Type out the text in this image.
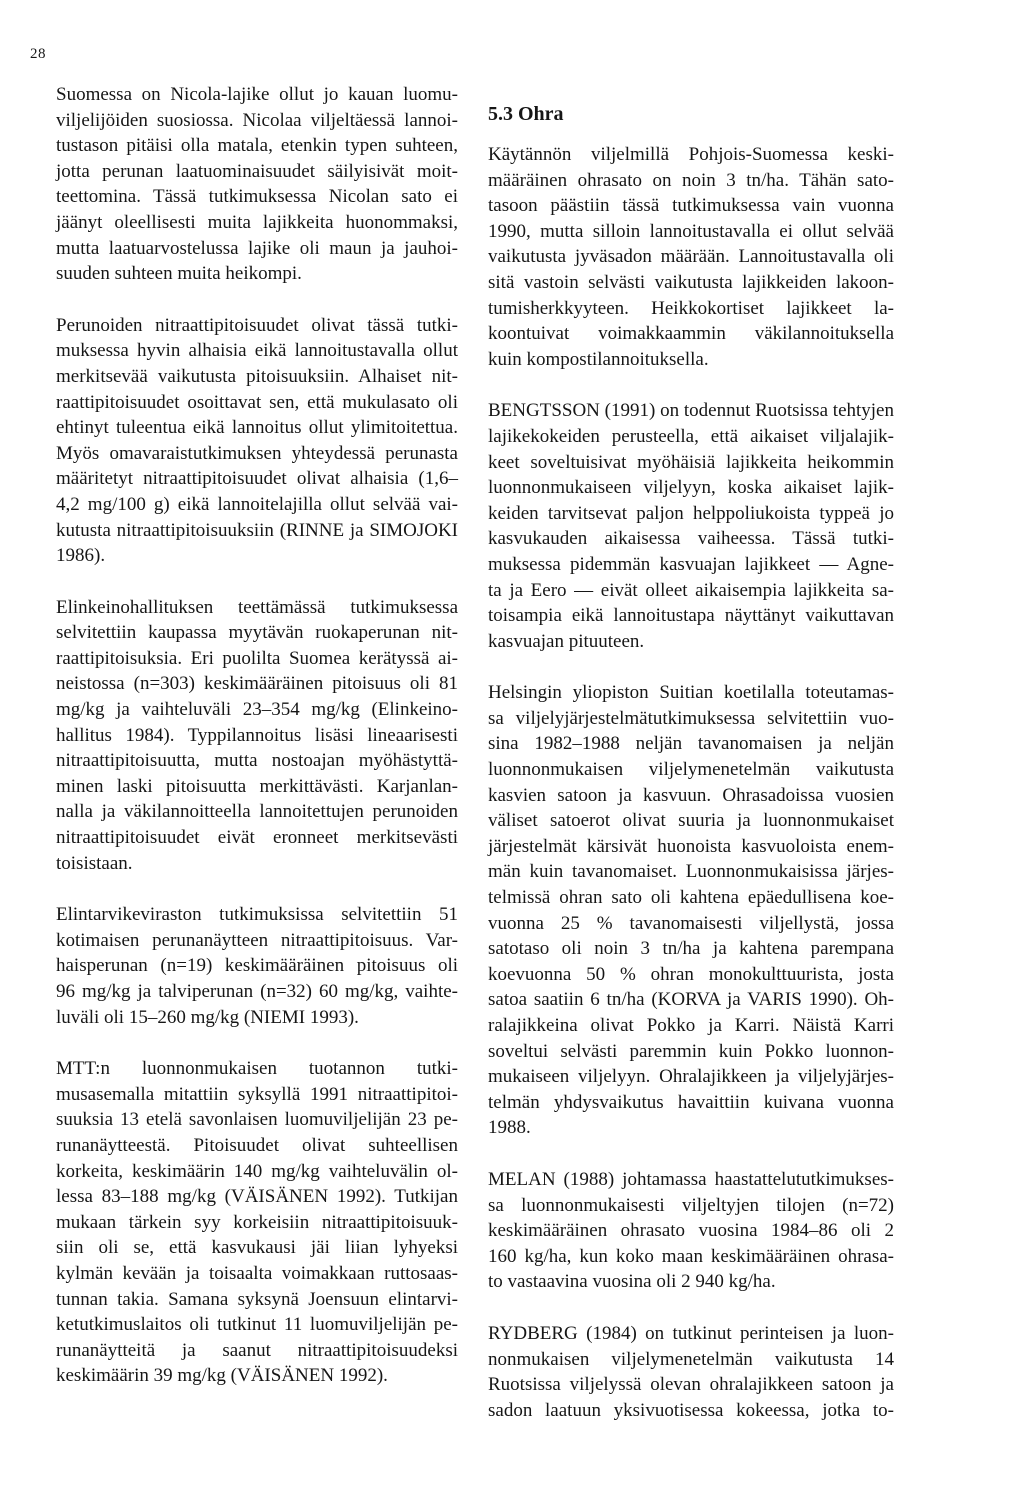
28
Suomessa on Nicola-lajike ollut jo kauan luomu-
viljelijöiden suosiossa. Nicolaa viljeltäessä lannoi-
tustason pitäisi olla matala, etenkin typen suhteen,
jotta perunan laatuominaisuudet säilyisivät moit-
teettomina. Tässä tutkimuksessa Nicolan sato ei
jäänyt oleellisesti muita lajikkeita huonommaksi,
mutta laatuarvostelussa lajike oli maun ja jauhoi-
suuden suhteen muita heikompi.
Perunoiden nitraattipitoisuudet olivat tässä tutki-
muksessa hyvin alhaisia eikä lannoitustavalla ollut
merkitsevää vaikutusta pitoisuuksiin. Alhaiset nit-
raattipitoisuudet osoittavat sen, että mukulasato oli
ehtinyt tuleentua eikä lannoitus ollut ylimitoitettua.
Myös omavaraistutkimuksen yhteydessä perunasta
määritetyt nitraattipitoisuudet olivat alhaisia (1,6–
4,2 mg/100 g) eikä lannoitelajilla ollut selvää vai-
kutusta nitraattipitoisuuksiin (RINNE ja SIMOJOKI
1986).
Elinkeinohallituksen teettämässä tutkimuksessa
selvitettiin kaupassa myytävän ruokaperunan nit-
raattipitoisuksia. Eri puolilta Suomea kerätyssä ai-
neistossa (n=303) keskimääräinen pitoisuus oli 81
mg/kg ja vaihteluväli 23–354 mg/kg (Elinkeino-
hallitus 1984). Typpilannoitus lisäsi lineaarisesti
nitraattipitoisuutta, mutta nostoajan myöhästyttä-
minen laski pitoisuutta merkittävästi. Karjanlan-
nalla ja väkilannoitteella lannoitettujen perunoiden
nitraattipitoisuudet eivät eronneet merkitsevästi
toisistaan.
Elintarvikeviraston tutkimuksissa selvitettiin 51
kotimaisen perunanäytteen nitraattipitoisuus. Var-
haisperunan (n=19) keskimääräinen pitoisuus oli
96 mg/kg ja talviperunan (n=32) 60 mg/kg, vaihte-
luväli oli 15–260 mg/kg (NIEMI 1993).
MTT:n luonnonmukaisen tuotannon tutki-
musasemalla mitattiin syksyllä 1991 nitraattipitoi-
suuksia 13 etelä savonlaisen luomuviljelijän 23 pe-
runanäytteestä. Pitoisuudet olivat suhteellisen
korkeita, keskimäärin 140 mg/kg vaihteluvälin ol-
lessa 83–188 mg/kg (VÄISÄNEN 1992). Tutkijan
mukaan tärkein syy korkeisiin nitraattipitoisuuk-
siin oli se, että kasvukausi jäi liian lyhyeksi
kylmän kevään ja toisaalta voimakkaan ruttosaas-
tunnan takia. Samana syksynä Joensuun elintarvi-
ketutkimuslaitos oli tutkinut 11 luomuviljelijän pe-
runanäytteitä ja saanut nitraattipitoisuudeksi
keskimäärin 39 mg/kg (VÄISÄNEN 1992).
5.3 Ohra
Käytännön viljelmillä Pohjois-Suomessa keski-
määräinen ohrasato on noin 3 tn/ha. Tähän sato-
tasoon päästiin tässä tutkimuksessa vain vuonna
1990, mutta silloin lannoitustavalla ei ollut selvää
vaikutusta jyväsadon määrään. Lannoitustavalla oli
sitä vastoin selvästi vaikutusta lajikkeiden lakoon-
tumisherkkyyteen. Heikkokortiset lajikkeet la-
koontuivat voimakkaammin väkilannoituksella
kuin kompostilannoituksella.
BENGTSSON (1991) on todennut Ruotsissa tehtyjen
lajikekokeiden perusteella, että aikaiset viljalajik-
keet soveltuisivat myöhäisiä lajikkeita heikommin
luonnonmukaiseen viljelyyn, koska aikaiset lajik-
keiden tarvitsevat paljon helppoliukoista typpeä jo
kasvukauden aikaisessa vaiheessa. Tässä tutki-
muksessa pidemmän kasvuajan lajikkeet — Agne-
ta ja Eero — eivät olleet aikaisempia lajikkeita sa-
toisampia eikä lannoitustapa näyttänyt vaikuttavan
kasvuajan pituuteen.
Helsingin yliopiston Suitian koetilalla toteutamas-
sa viljelyjärjestelmätutkimuksessa selvitettiin vuo-
sina 1982–1988 neljän tavanomaisen ja neljän
luonnonmukaisen viljelymenetelmän vaikutusta
kasvien satoon ja kasvuun. Ohrasadoissa vuosien
väliset satoerot olivat suuria ja luonnonmukaiset
järjestelmät kärsivät huonoista kasvuoloista enem-
män kuin tavanomaiset. Luonnonmukaisissa järjes-
telmissä ohran sato oli kahtena epäedullisena koe-
vuonna 25 % tavanomaisesti viljellystä, jossa
satotaso oli noin 3 tn/ha ja kahtena parempana
koevuonna 50 % ohran monokulttuurista, josta
satoa saatiin 6 tn/ha (KORVA ja VARIS 1990). Oh-
ralajikkeina olivat Pokko ja Karri. Näistä Karri
soveltui selvästi paremmin kuin Pokko luonnon-
mukaiseen viljelyyn. Ohralajikkeen ja viljelyjärjes-
telmän yhdysvaikutus havaittiin kuivana vuonna
1988.
MELAN (1988) johtamassa haastattelututkimukses-
sa luonnonmukaisesti viljeltyjen tilojen (n=72)
keskimääräinen ohrasato vuosina 1984–86 oli 2
160 kg/ha, kun koko maan keskimääräinen ohrasa-
to vastaavina vuosina oli 2 940 kg/ha.
RYDBERG (1984) on tutkinut perinteisen ja luon-
nonmukaisen viljelymenetelmän vaikutusta 14
Ruotsissa viljelyssä olevan ohralajikkeen satoon ja
sadon laatuun yksivuotisessa kokeessa, jotka to-
